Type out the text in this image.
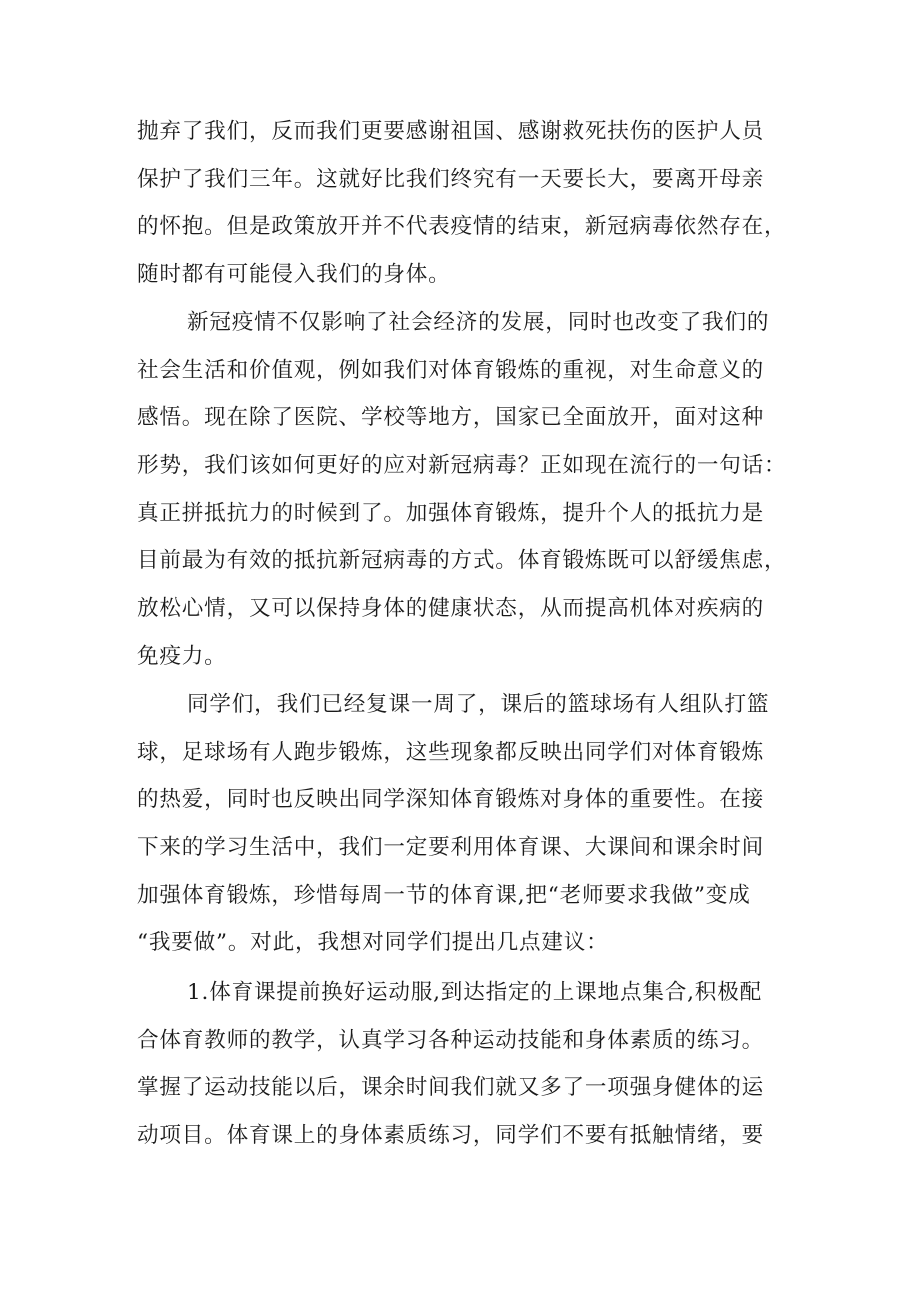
抛弃了我们，反而我们更要感谢祖国、感谢救死扶伤的医护人员
保护了我们三年。这就好比我们终究有一天要长大，要离开母亲
的怀抱。但是政策放开并不代表疫情的结束，新冠病毒依然存在，
随时都有可能侵入我们的身体。

新冠疫情不仅影响了社会经济的发展，同时也改变了我们的
社会生活和价值观，例如我们对体育锻炼的重视，对生命意义的
感悟。现在除了医院、学校等地方，国家已全面放开，面对这种
形势，我们该如何更好的应对新冠病毒？正如现在流行的一句话：
真正拼抵抗力的时候到了。加强体育锻炼，提升个人的抵抗力是
目前最为有效的抵抗新冠病毒的方式。体育锻炼既可以舒缓焦虑，
放松心情，又可以保持身体的健康状态，从而提高机体对疾病的
免疫力。

同学们，我们已经复课一周了，课后的篮球场有人组队打篮
球，足球场有人跑步锻炼，这些现象都反映出同学们对体育锻炼
的热爱，同时也反映出同学深知体育锻炼对身体的重要性。在接
下来的学习生活中，我们一定要利用体育课、大课间和课余时间
加强体育锻炼，珍惜每周一节的体育课,把“老师要求我做”变成
“我要做”。对此，我想对同学们提出几点建议：

1.体育课提前换好运动服,到达指定的上课地点集合,积极配
合体育教师的教学，认真学习各种运动技能和身体素质的练习。
掌握了运动技能以后，课余时间我们就又多了一项强身健体的运
动项目。体育课上的身体素质练习，同学们不要有抵触情绪，要
